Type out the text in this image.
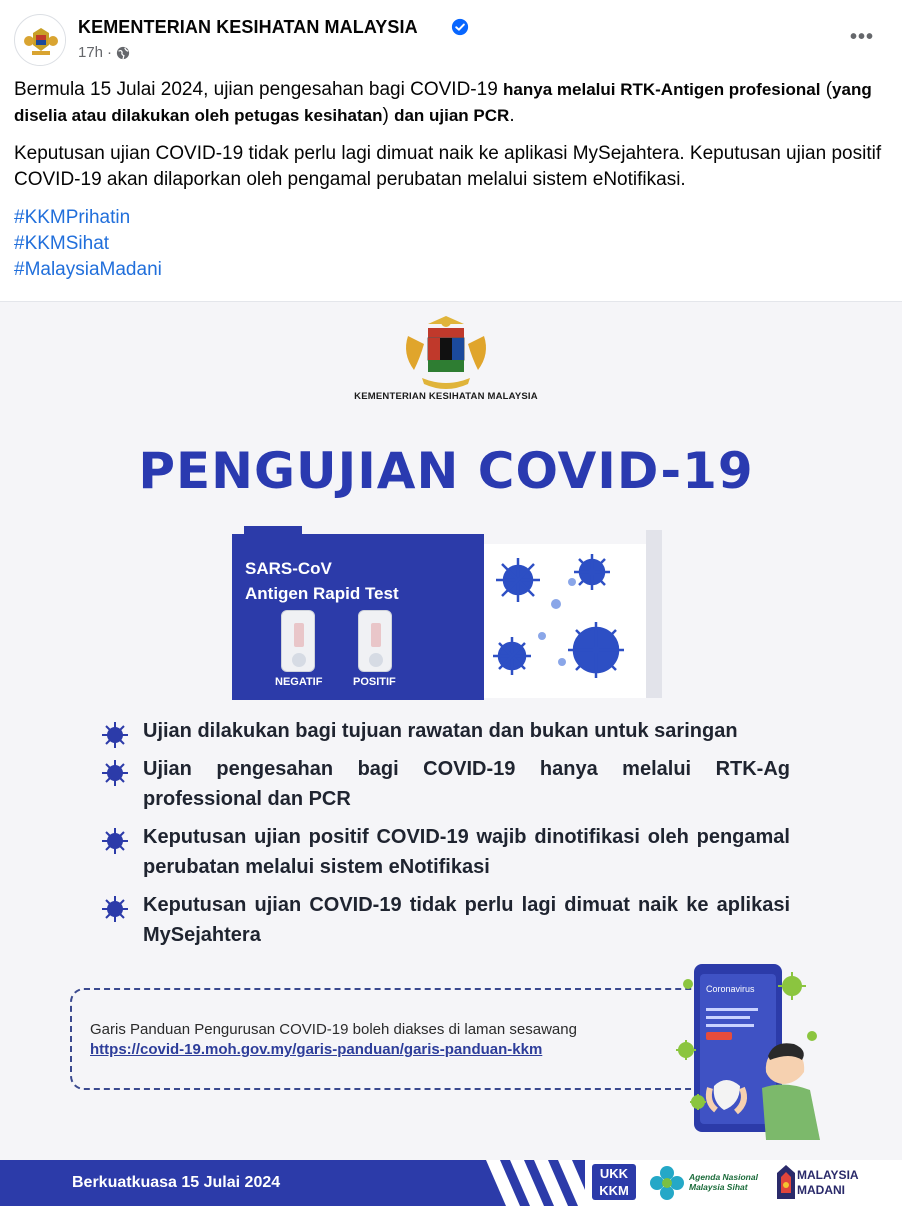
KEMENTERIAN KESIHATAN MALAYSIA
17h ·
•••

Bermula 15 Julai 2024, ujian pengesahan bagi COVID-19 hanya melalui RTK-Antigen profesional (yang diselia atau dilakukan oleh petugas kesihatan) dan ujian PCR.

Keputusan ujian COVID-19 tidak perlu lagi dimuat naik ke aplikasi MySejahtera. Keputusan ujian positif COVID-19 akan dilaporkan oleh pengamal perubatan melalui sistem eNotifikasi.

#KKMPrihatin
#KKMSihat
#MalaysiaMadani
KEMENTERIAN KESIHATAN MALAYSIA
PENGUJIAN COVID-19
SARS-CoV
Antigen Rapid Test
NEGATIF	POSITIF
Ujian dilakukan bagi tujuan rawatan dan bukan untuk saringan
Ujian pengesahan bagi COVID-19 hanya melalui RTK-Ag professional dan PCR
Keputusan ujian positif COVID-19 wajib dinotifikasi oleh pengamal perubatan melalui sistem eNotifikasi
Keputusan ujian COVID-19 tidak perlu lagi dimuat naik ke aplikasi MySejahtera
Garis Panduan Pengurusan COVID-19 boleh diakses di laman sesawang
https://covid-19.moh.gov.my/garis-panduan/garis-panduan-kkm
Coronavirus
Berkuatkuasa 15 Julai 2024
UKK
KKM
Agenda Nasional
Malaysia Sihat
MALAYSIA
MADANI
